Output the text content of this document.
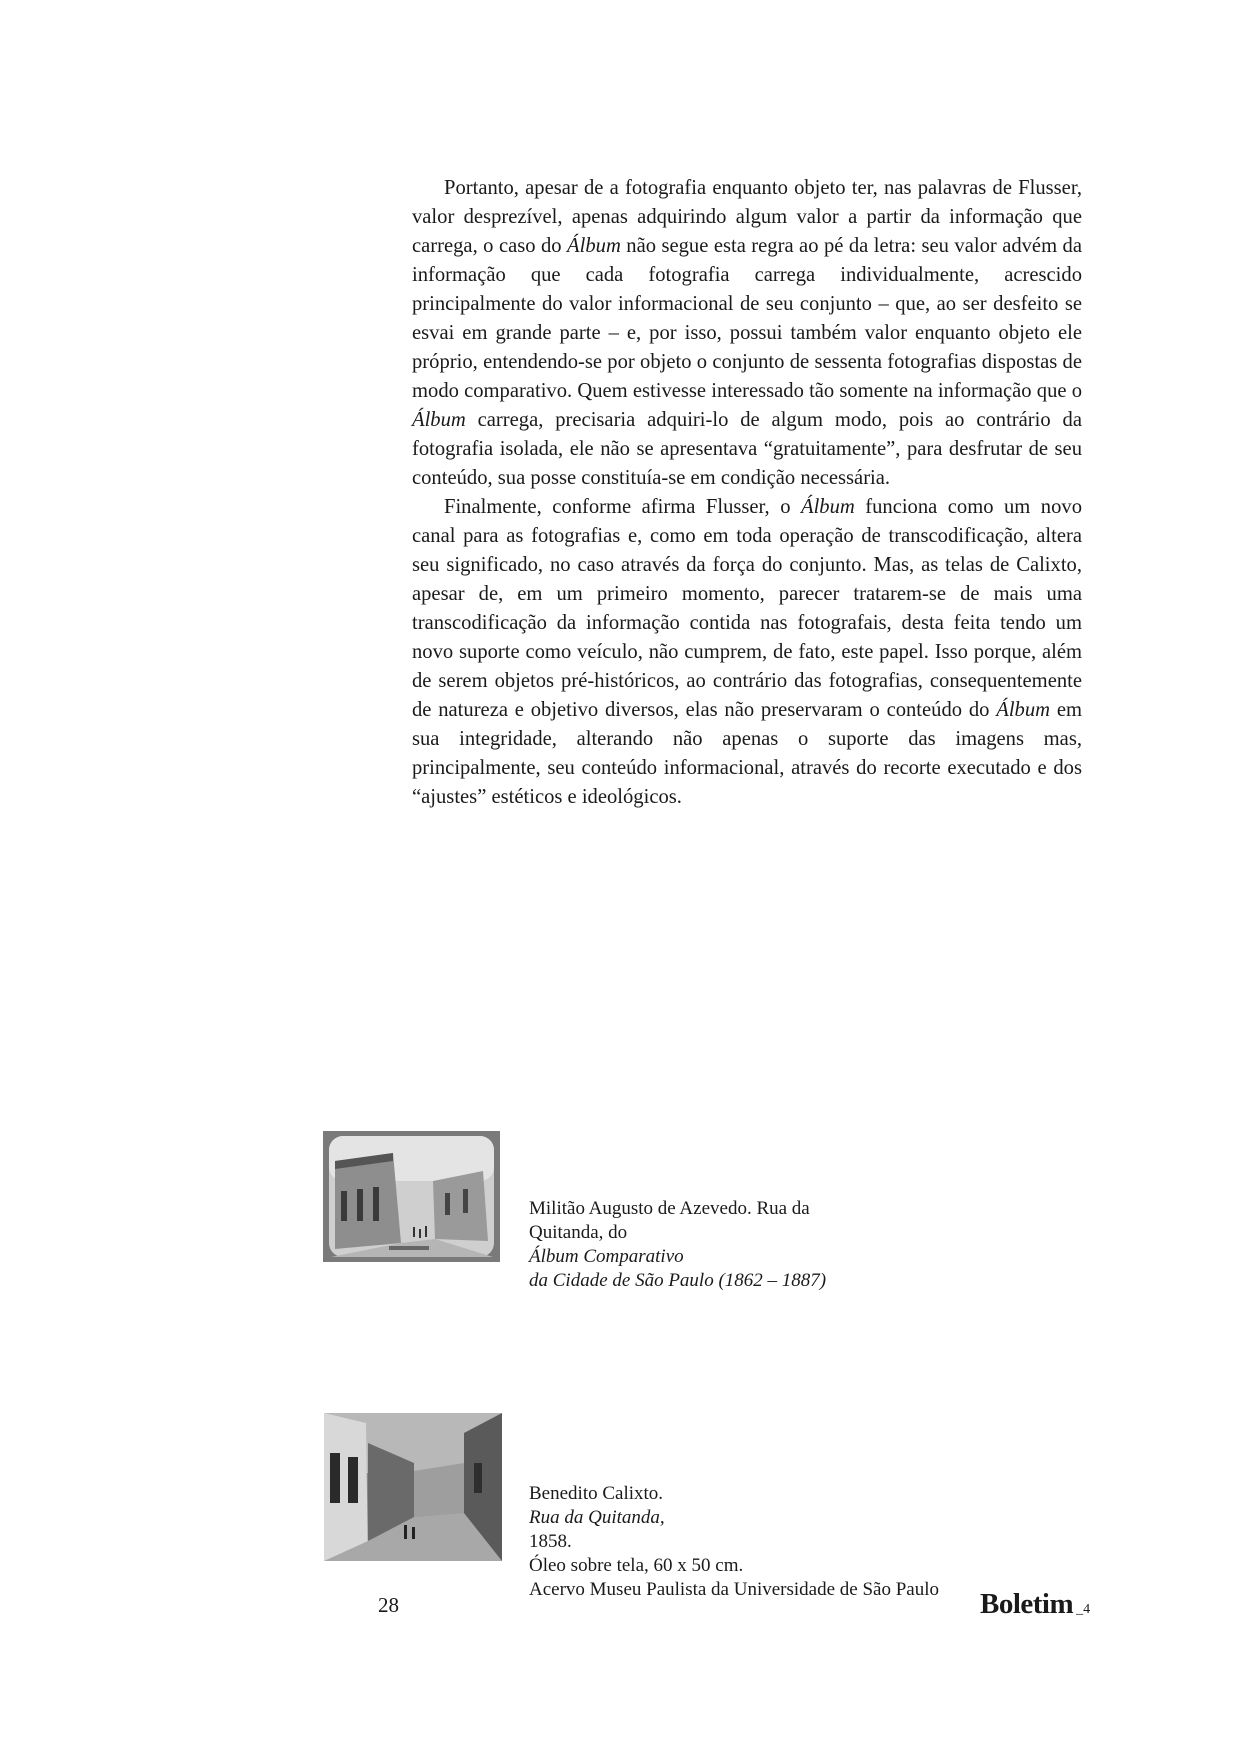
Portanto, apesar de a fotografia enquanto objeto ter, nas palavras de Flusser, valor desprezível, apenas adquirindo algum valor a partir da informação que carrega, o caso do Álbum não segue esta regra ao pé da letra: seu valor advém da informação que cada fotografia carrega individualmente, acrescido principalmente do valor informacional de seu conjunto – que, ao ser desfeito se esvai em grande parte – e, por isso, possui também valor enquanto objeto ele próprio, entendendo-se por objeto o conjunto de sessenta fotografias dispostas de modo comparativo. Quem estivesse interessado tão somente na informação que o Álbum carrega, precisaria adquiri-lo de algum modo, pois ao contrário da fotografia isolada, ele não se apresentava “gratuitamente”, para desfrutar de seu conteúdo, sua posse constituía-se em condição necessária.

Finalmente, conforme afirma Flusser, o Álbum funciona como um novo canal para as fotografias e, como em toda operação de transcodificação, altera seu significado, no caso através da força do conjunto. Mas, as telas de Calixto, apesar de, em um primeiro momento, parecer tratarem-se de mais uma transcodificação da informação contida nas fotografais, desta feita tendo um novo suporte como veículo, não cumprem, de fato, este papel. Isso porque, além de serem objetos pré-históricos, ao contrário das fotografias, consequentemente de natureza e objetivo diversos, elas não preservaram o conteúdo do Álbum em sua integridade, alterando não apenas o suporte das imagens mas, principalmente, seu conteúdo informacional, através do recorte executado e dos “ajustes” estéticos e ideológicos.

Militão Augusto de Azevedo. Rua da
Quitanda, do
Álbum Comparativo
da Cidade de São Paulo (1862 – 1887)
Benedito Calixto.
Rua da Quitanda,
1858.
Óleo sobre tela, 60 x 50 cm.
Acervo Museu Paulista da Universidade de São Paulo
28	Boletim _4
